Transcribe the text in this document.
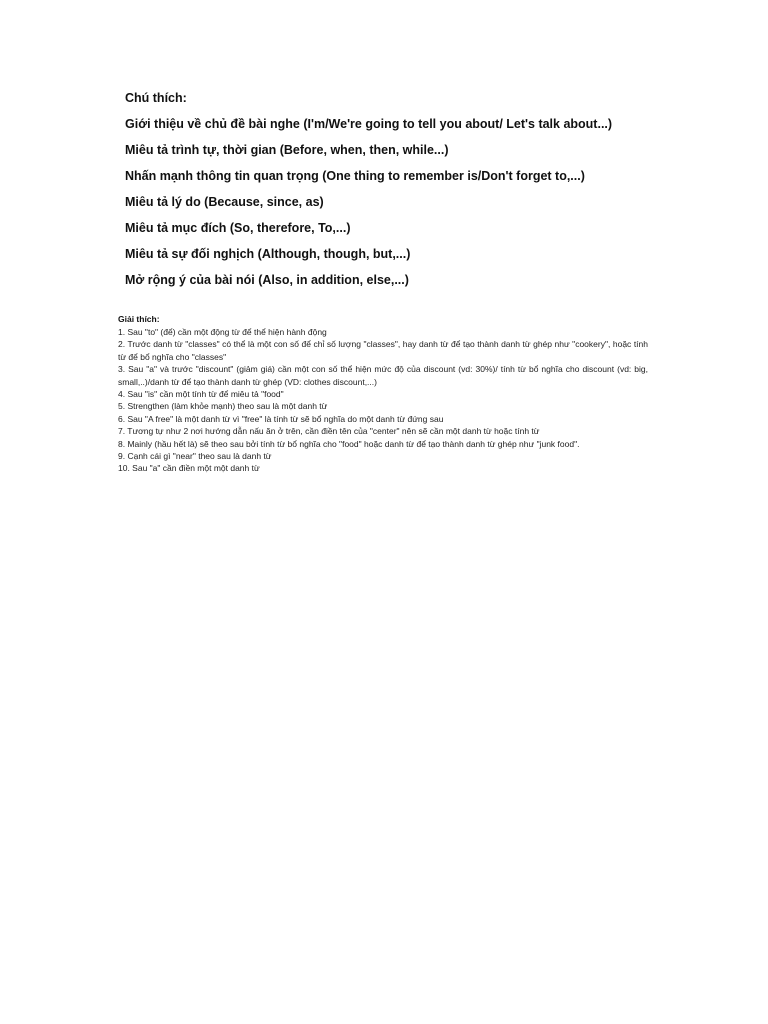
Chú thích:

Giới thiệu về chủ đề bài nghe (I'm/We're going to tell you about/ Let's talk about...)

Miêu tả trình tự, thời gian (Before, when, then, while...)

Nhấn mạnh thông tin quan trọng (One thing to remember is/Don't forget to,...)

Miêu tả lý do (Because, since, as)

Miêu tả mục đích (So, therefore, To,...)

Miêu tả sự đối nghịch (Although, though, but,...)

Mở rộng ý của bài nói (Also, in addition, else,...)

Giải thích:

1. Sau "to" (để) cần một động từ để thể hiện hành động

2. Trước danh từ "classes" có thể là một con số để chỉ số lượng "classes", hay danh từ để tạo thành danh từ ghép như "cookery", hoặc tính từ để bổ nghĩa cho "classes"

3. Sau "a" và trước "discount" (giảm giá) cần một con số thể hiện mức độ của discount (vd: 30%)/ tính từ bổ nghĩa cho discount (vd: big, small,..)/danh từ để tạo thành danh từ ghép (VD: clothes discount,...)

4. Sau "is" cần một tính từ để miêu tả "food"

5. Strengthen (làm khỏe mạnh) theo sau là một danh từ

6. Sau "A free" là một danh từ vì "free" là tính từ sẽ bổ nghĩa do một danh từ đứng sau

7. Tương tự như 2 nơi hướng dẫn nấu ăn ở trên, cần điền tên của "center" nên sẽ cần một danh từ hoặc tính từ

8. Mainly (hầu hết là) sẽ theo sau bởi tính từ bổ nghĩa cho "food" hoặc danh từ để tạo thành danh từ ghép như "junk food".

9. Cạnh cái gì "near" theo sau là danh từ

10. Sau "a" cần điền một một danh từ
